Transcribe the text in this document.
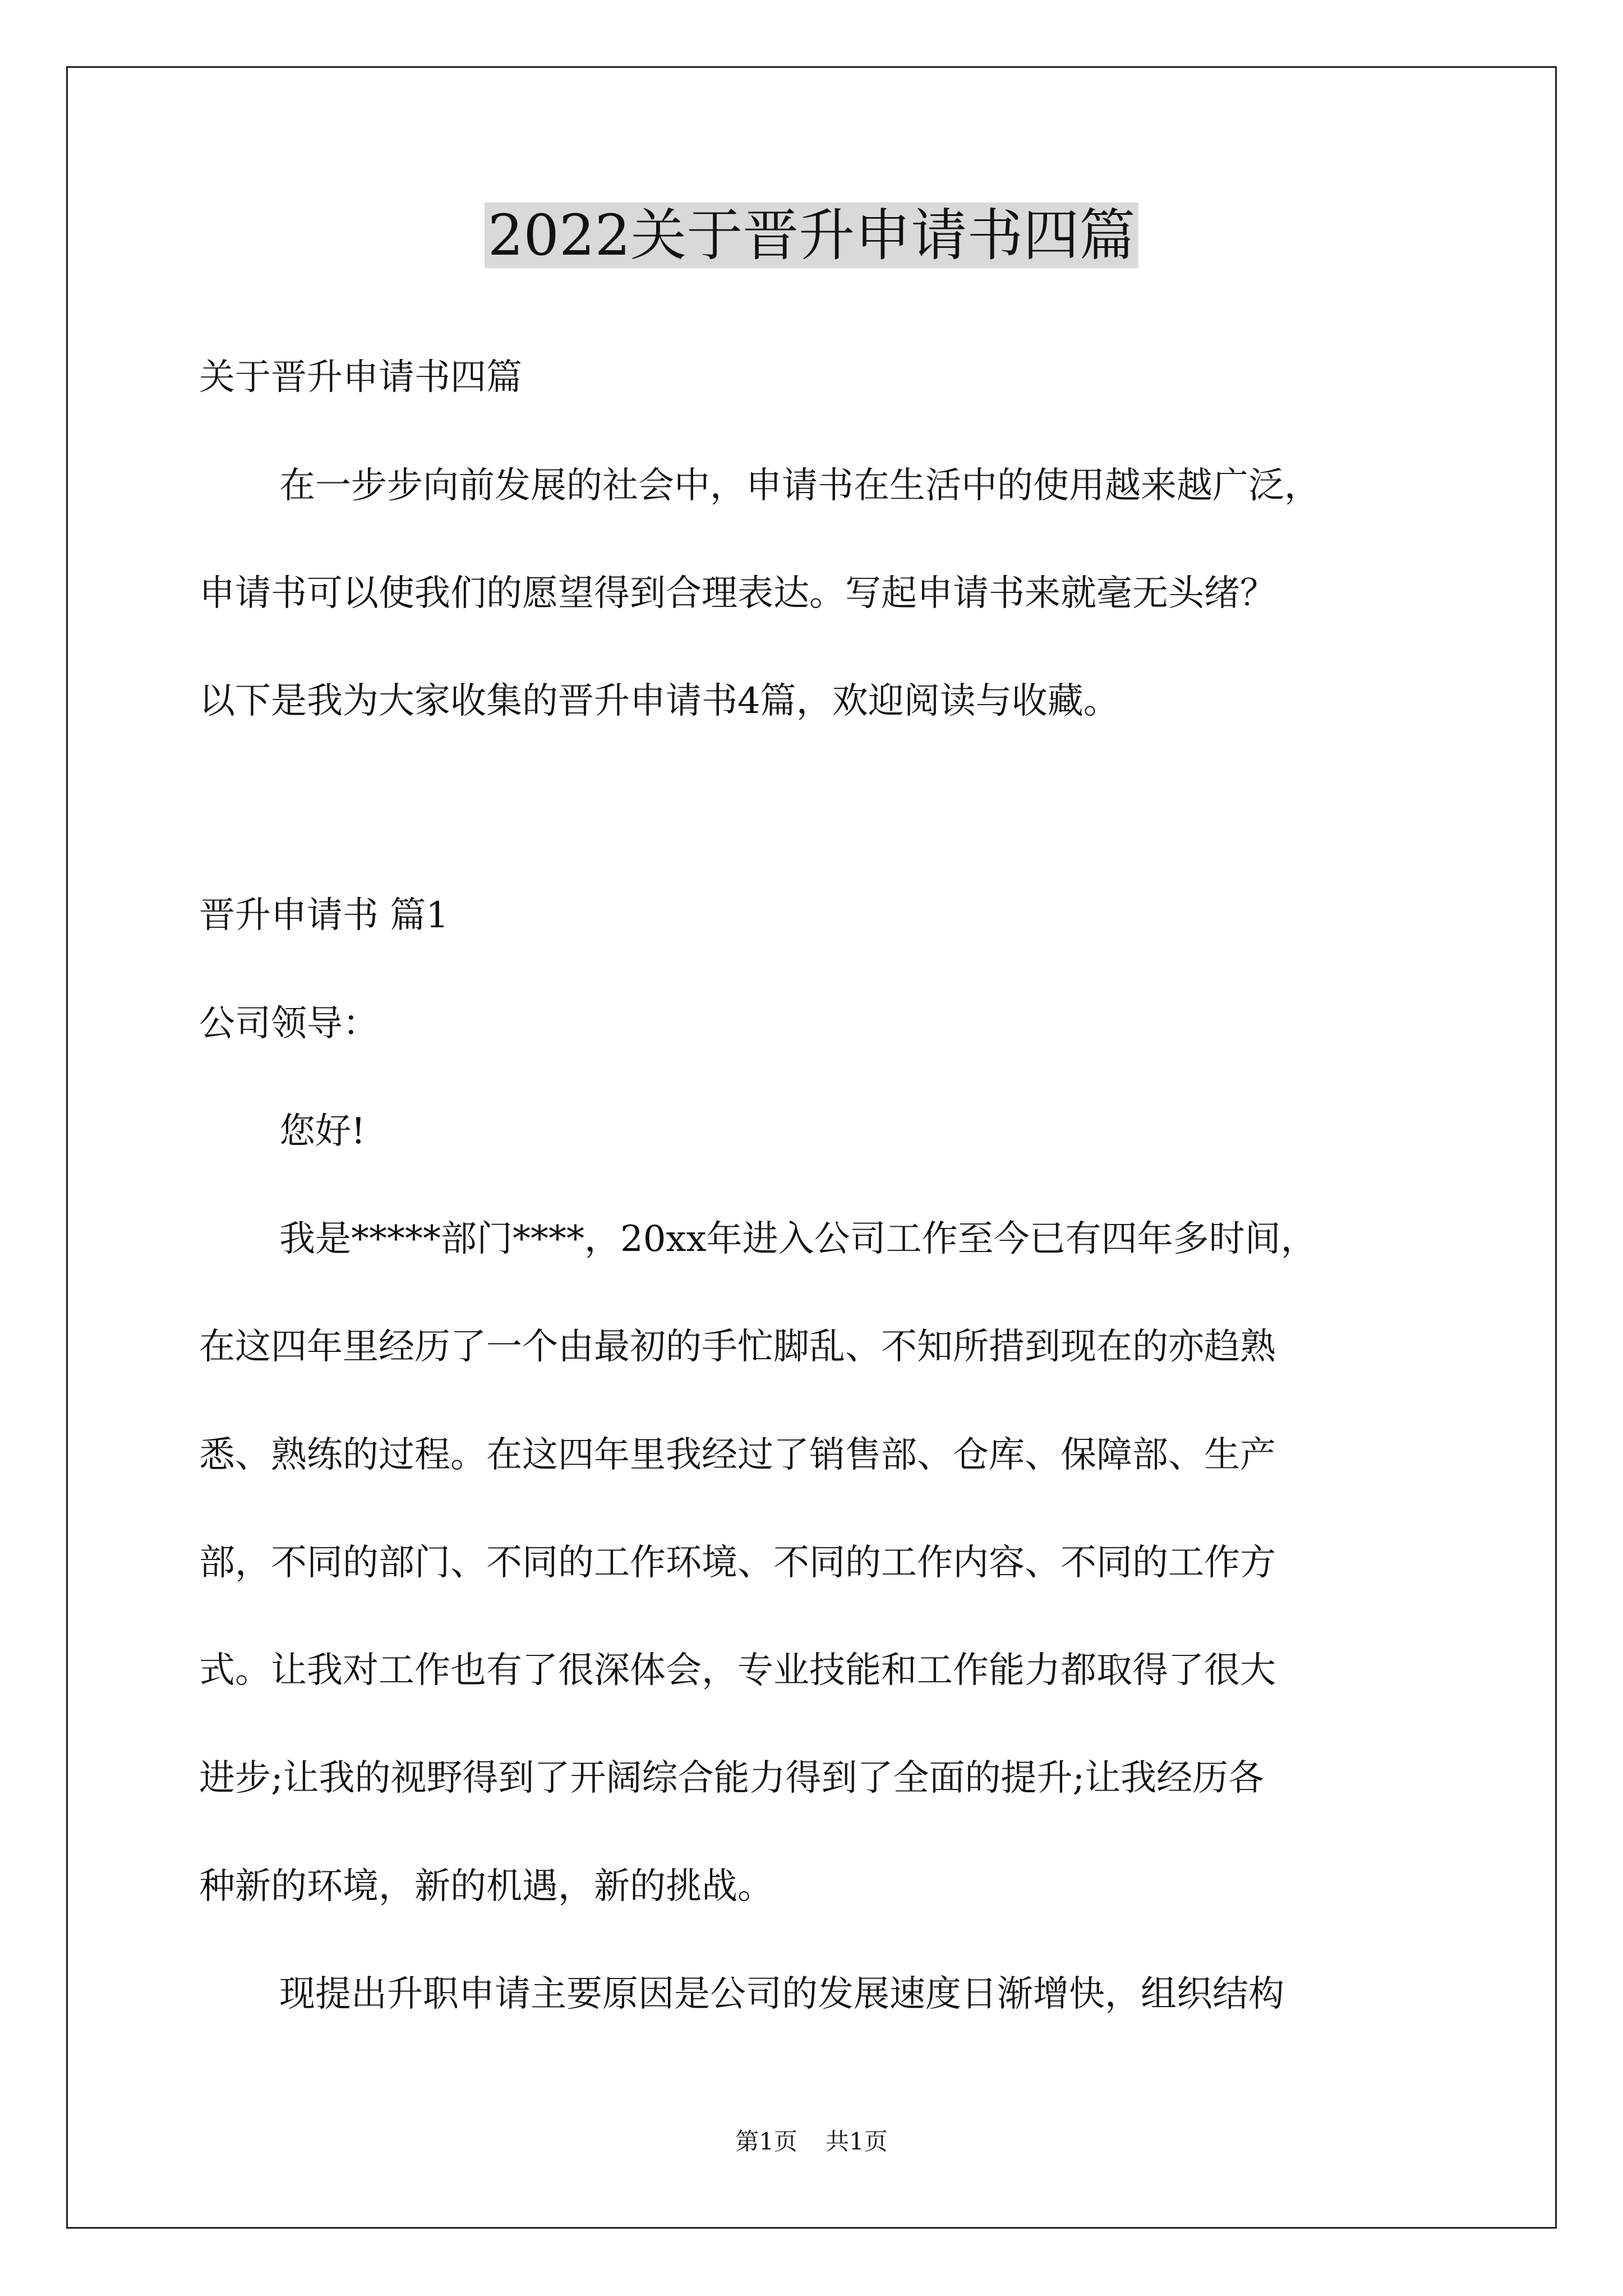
2022关于晋升申请书四篇
关于晋升申请书四篇
在一步步向前发展的社会中，申请书在生活中的使用越来越广泛，
申请书可以使我们的愿望得到合理表达。写起申请书来就毫无头绪？
以下是我为大家收集的晋升申请书4篇，欢迎阅读与收藏。
晋升申请书 篇1
公司领导：
您好!
我是*****部门****，20xx年进入公司工作至今已有四年多时间，
在这四年里经历了一个由最初的手忙脚乱、不知所措到现在的亦趋熟
悉、熟练的过程。在这四年里我经过了销售部、仓库、保障部、生产
部，不同的部门、不同的工作环境、不同的工作内容、不同的工作方
式。让我对工作也有了很深体会，专业技能和工作能力都取得了很大
进步;让我的视野得到了开阔综合能力得到了全面的提升;让我经历各
种新的环境，新的机遇，新的挑战。
现提出升职申请主要原因是公司的发展速度日渐增快，组织结构
第1页 共1页
